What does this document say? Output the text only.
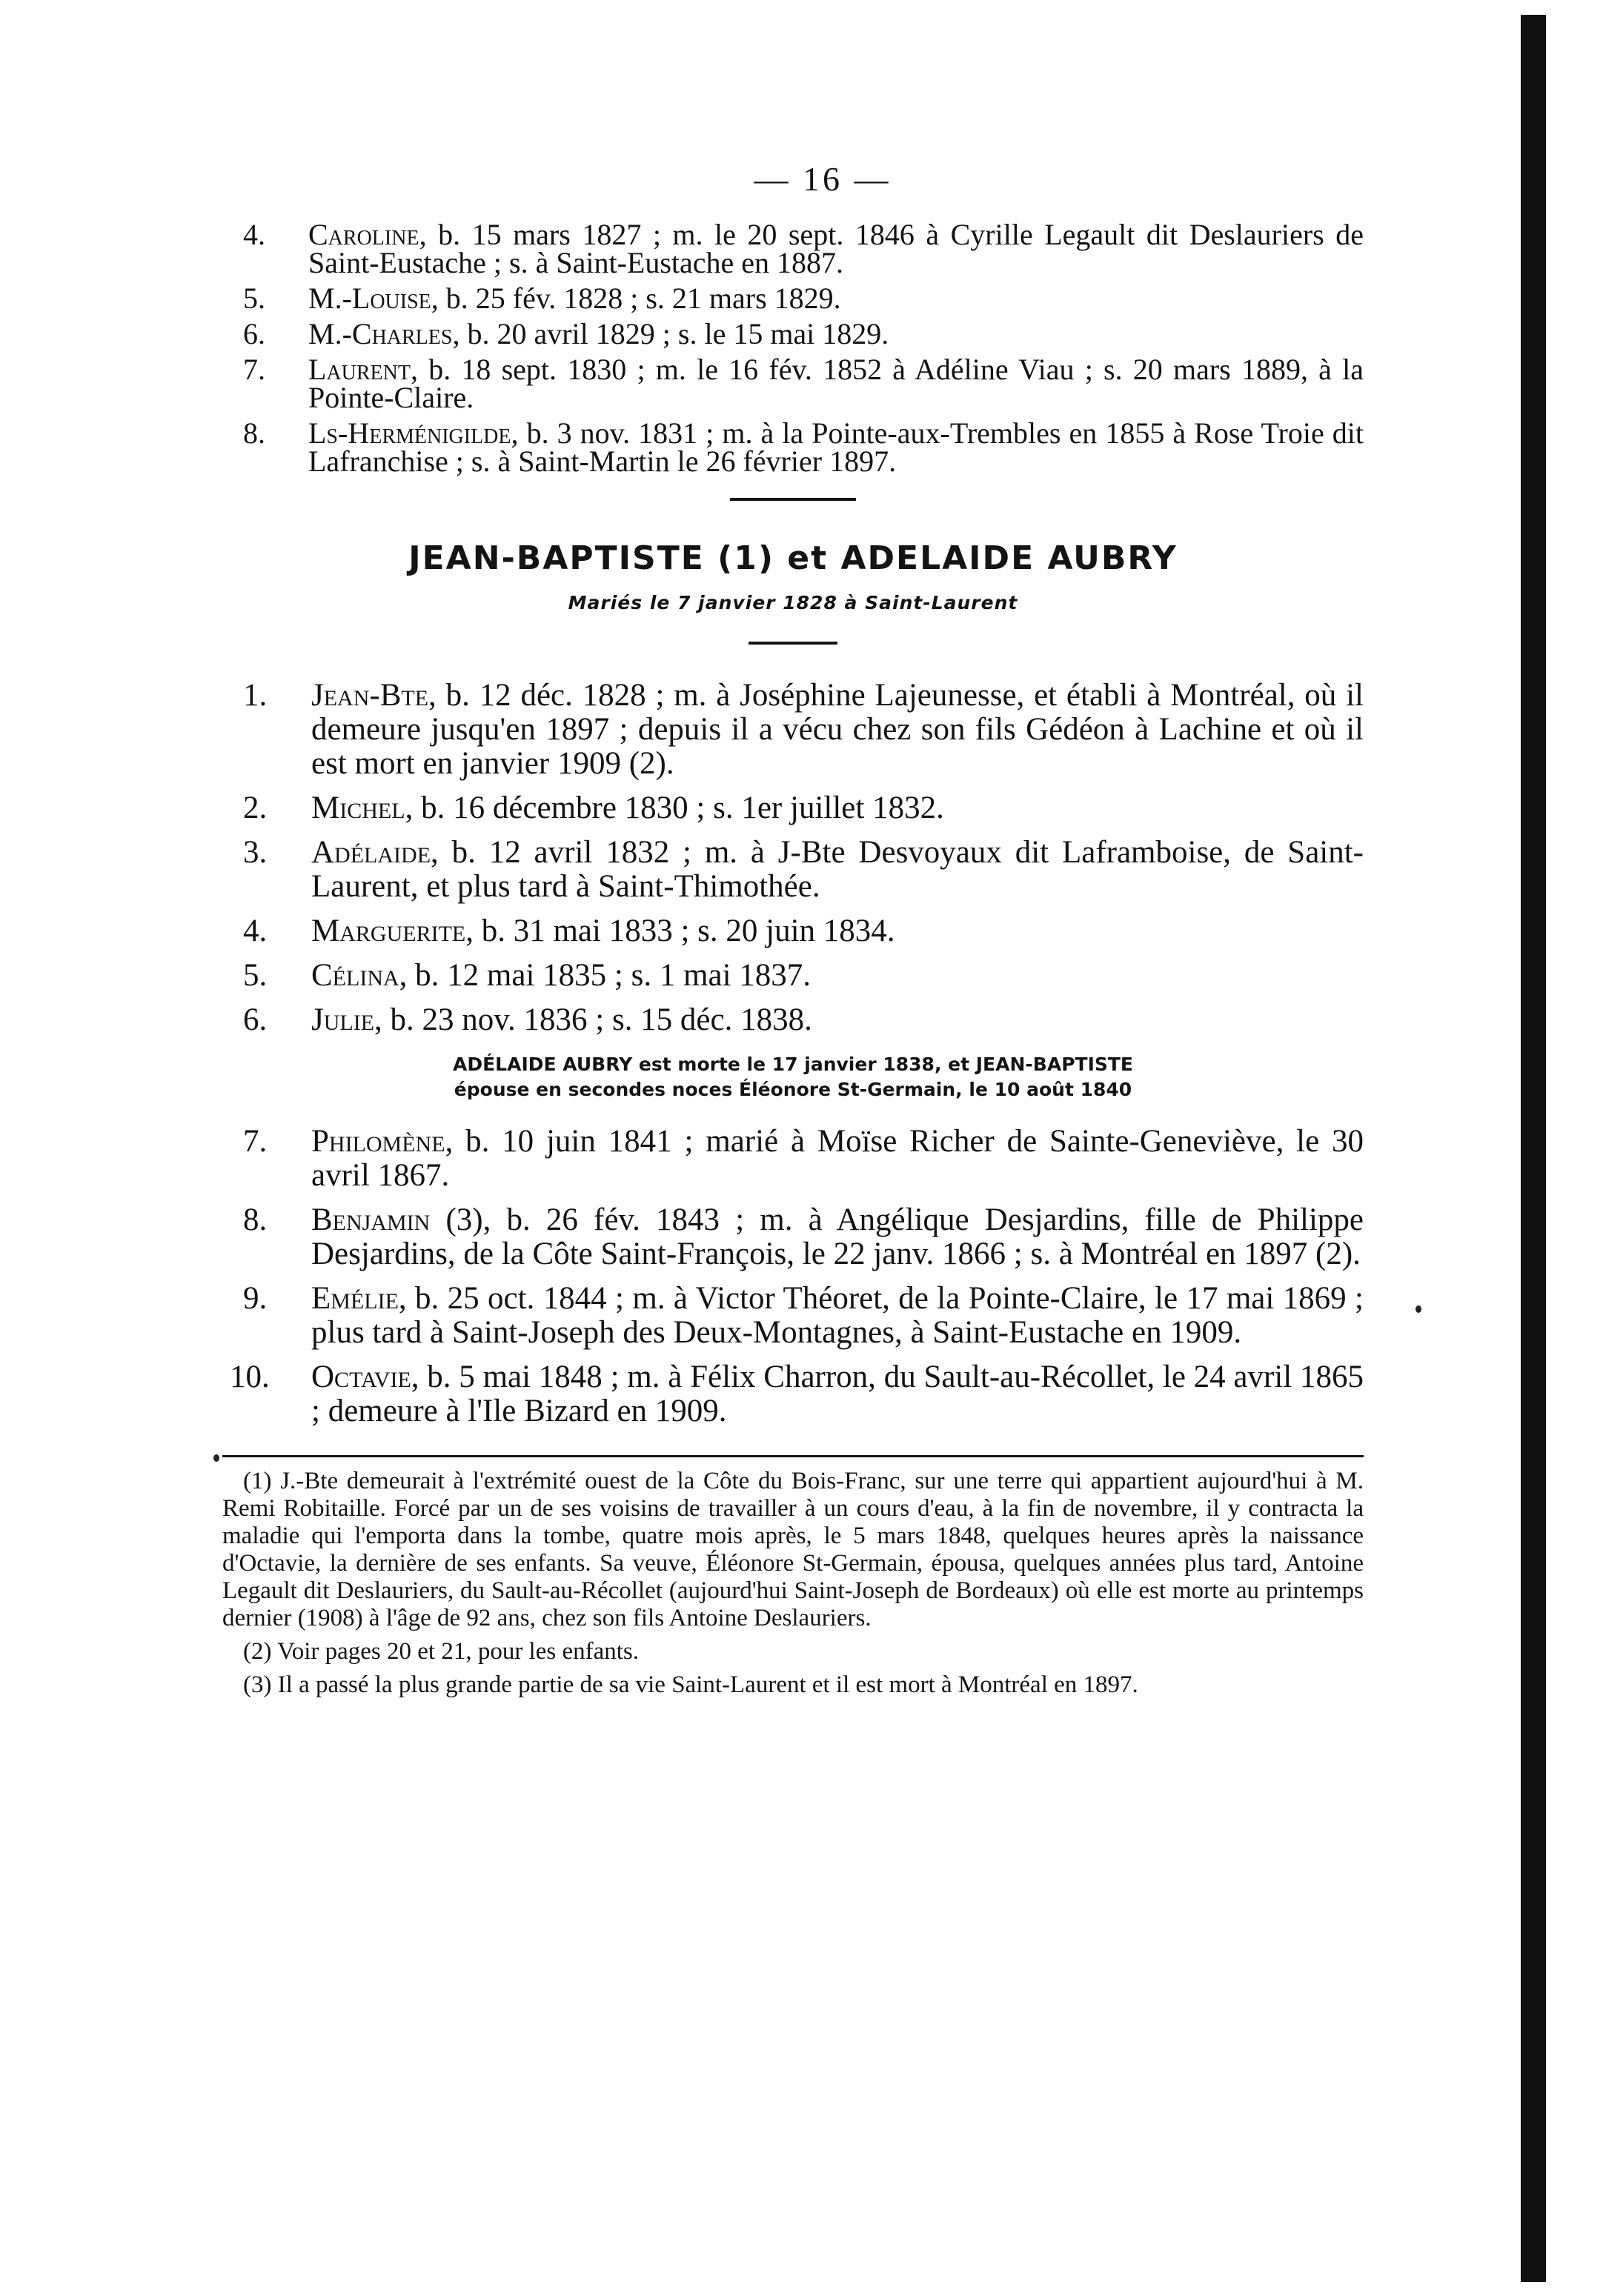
— 16 —
4. Caroline, b. 15 mars 1827 ; m. le 20 sept. 1846 à Cyrille Legault dit Deslauriers de Saint-Eustache ; s. à Saint-Eustache en 1887.
5. M.-Louise, b. 25 fév. 1828 ; s. 21 mars 1829.
6. M.-Charles, b. 20 avril 1829 ; s. le 15 mai 1829.
7. Laurent, b. 18 sept. 1830 ; m. le 16 fév. 1852 à Adéline Viau ; s. 20 mars 1889, à la Pointe-Claire.
8. Ls-Herménigilde, b. 3 nov. 1831 ; m. à la Pointe-aux-Trembles en 1855 à Rose Troie dit Lafranchise ; s. à Saint-Martin le 26 février 1897.
JEAN-BAPTISTE (1) et ADELAIDE AUBRY
Mariés le 7 janvier 1828 à Saint-Laurent
1. Jean-Bte, b. 12 déc. 1828 ; m. à Joséphine Lajeunesse, et établi à Montréal, où il demeure jusqu'en 1897 ; depuis il a vécu chez son fils Gédéon à Lachine et où il est mort en janvier 1909 (2).
2. Michel, b. 16 décembre 1830 ; s. 1er juillet 1832.
3. Adélaide, b. 12 avril 1832 ; m. à J-Bte Desvoyaux dit Laframboise, de Saint-Laurent, et plus tard à Saint-Thimothée.
4. Marguerite, b. 31 mai 1833 ; s. 20 juin 1834.
5. Célina, b. 12 mai 1835 ; s. 1 mai 1837.
6. Julie, b. 23 nov. 1836 ; s. 15 déc. 1838.
ADÉLAIDE AUBRY est morte le 17 janvier 1838, et JEAN-BAPTISTE
épouse en secondes noces Éléonore St-Germain, le 10 août 1840
7. Philomène, b. 10 juin 1841 ; marié à Moïse Richer de Sainte-Geneviève, le 30 avril 1867.
8. Benjamin (3), b. 26 fév. 1843 ; m. à Angélique Desjardins, fille de Philippe Desjardins, de la Côte Saint-François, le 22 janv. 1866 ; s. à Montréal en 1897 (2).
9. Emélie, b. 25 oct. 1844 ; m. à Victor Théoret, de la Pointe-Claire, le 17 mai 1869 ; plus tard à Saint-Joseph des Deux-Montagnes, à Saint-Eustache en 1909.
10. Octavie, b. 5 mai 1848 ; m. à Félix Charron, du Sault-au-Récollet, le 24 avril 1865 ; demeure à l'Ile Bizard en 1909.
(1) J.-Bte demeurait à l'extrémité ouest de la Côte du Bois-Franc, sur une terre qui appartient aujourd'hui à M. Remi Robitaille. Forcé par un de ses voisins de travailler à un cours d'eau, à la fin de novembre, il y contracta la maladie qui l'emporta dans la tombe, quatre mois après, le 5 mars 1848, quelques heures après la naissance d'Octavie, la dernière de ses enfants. Sa veuve, Éléonore St-Germain, épousa, quelques années plus tard, Antoine Legault dit Deslauriers, du Sault-au-Récollet (aujourd'hui Saint-Joseph de Bordeaux) où elle est morte au printemps dernier (1908) à l'âge de 92 ans, chez son fils Antoine Deslauriers.
(2) Voir pages 20 et 21, pour les enfants.
(3) Il a passé la plus grande partie de sa vie Saint-Laurent et il est mort à Montréal en 1897.
